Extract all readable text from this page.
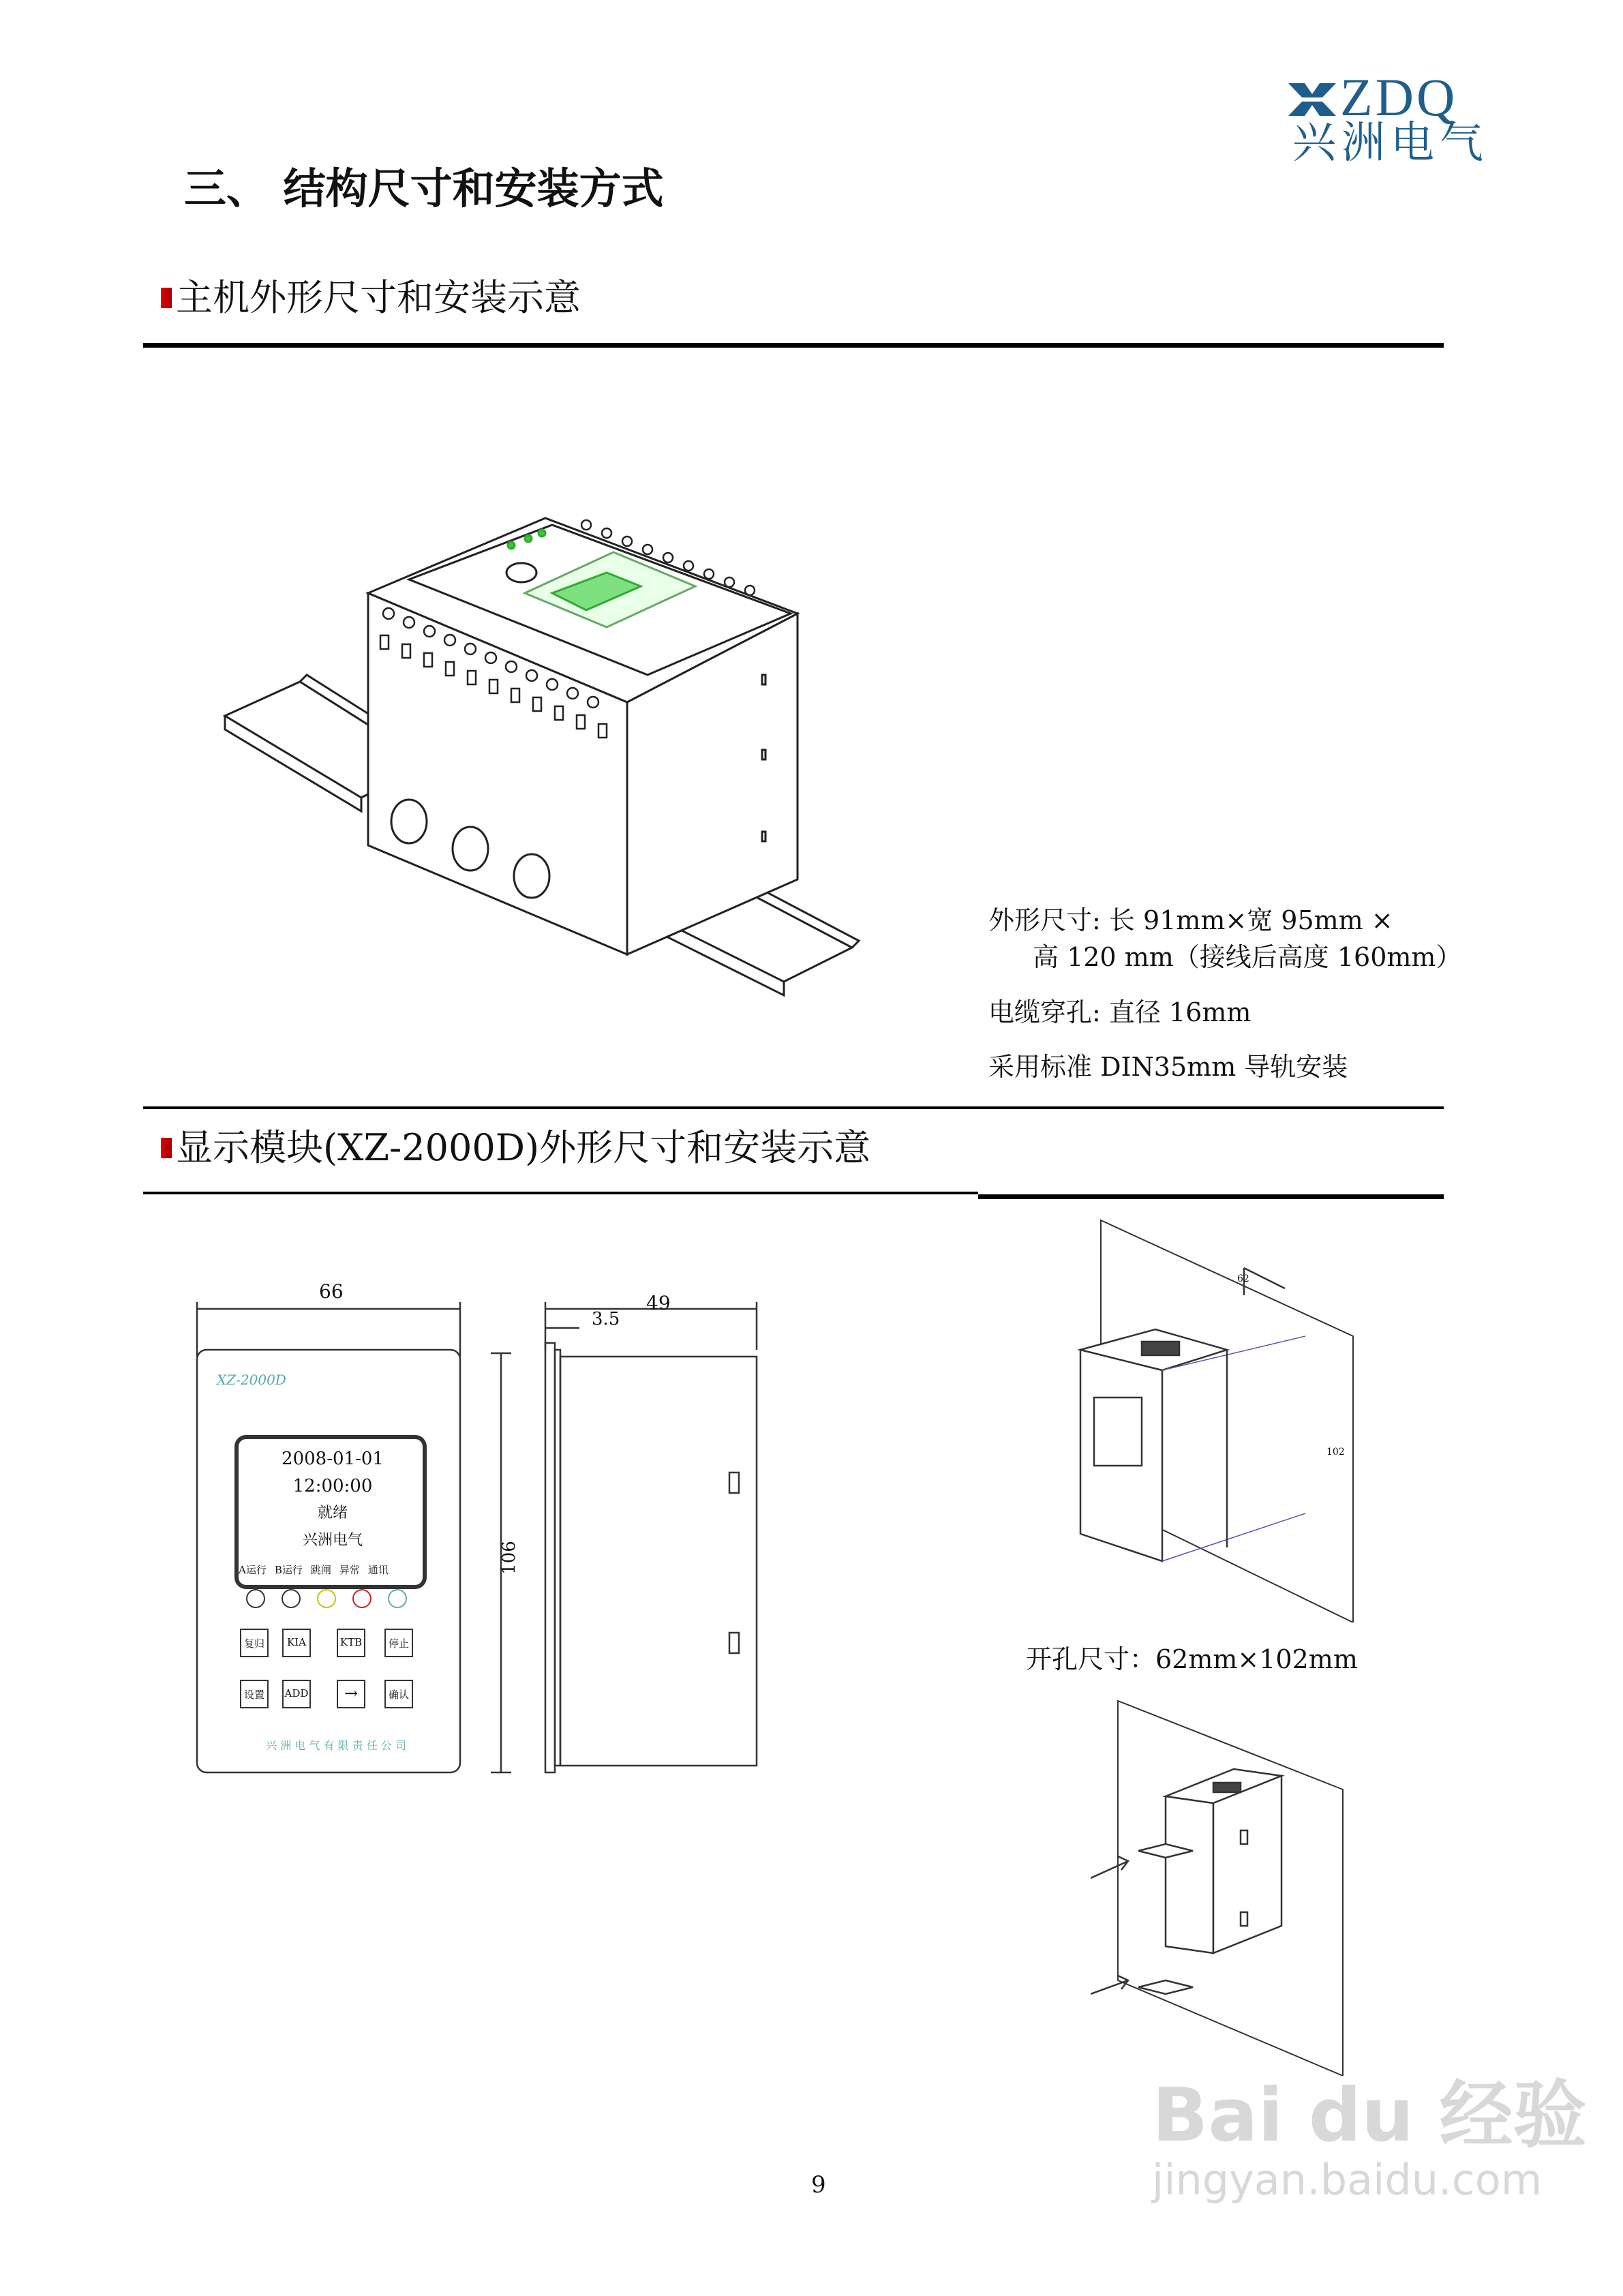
ZDQ
兴洲电气
三、 结构尺寸和安装方式
主机外形尺寸和安装示意
外形尺寸: 长 91mm×宽 95mm ×
高 120 mm（接线后高度 160mm）
电缆穿孔: 直径 16mm
采用标准 DIN35mm 导轨安装
显示模块(XZ-2000D)外形尺寸和安装示意
66
106
XZ-2000D
2008-01-01
12:00:00
就绪
兴洲电气
A运行 B运行 跳闸 异常 通讯
复归	KIA	KTB	停止
设置	ADD	→	确认
兴 洲 电 气 有 限 责 任 公 司
49
3.5
62
102
开孔尺寸：62mm×102mm
9
Bai du 经验
jingyan.baidu.com
